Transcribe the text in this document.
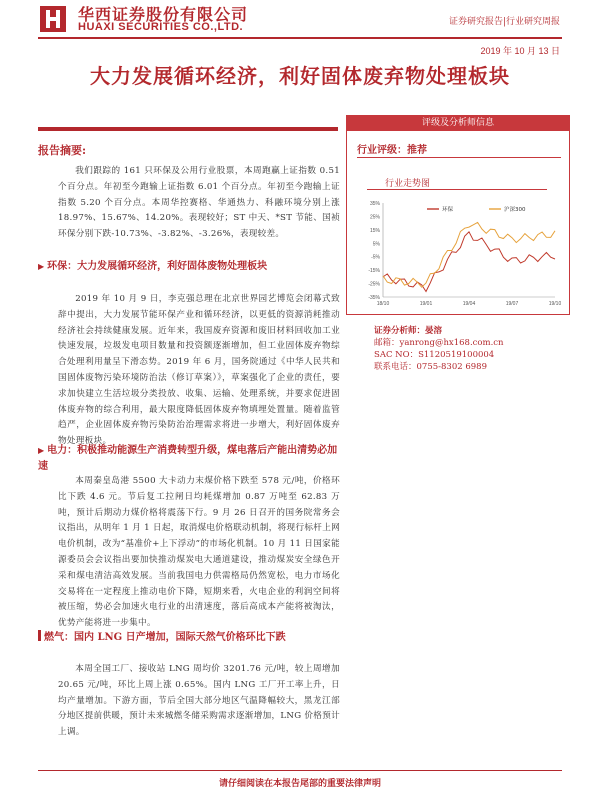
华西证券股份有限公司
HUAXI SECURITIES CO.,LTD.	证券研究报告|行业研究周报
2019 年 10 月 13 日
大力发展循环经济，利好固体废弃物处理板块
评级及分析师信息
行业评级：推荐
行业走势图
35%
25%
15%
5%
-5%
-15%
-25%
-35%
18/10	19/01	19/04	19/07	19/10
环保	沪深300
证券分析师：晏溶
邮箱：yanrong@hx168.com.cn
SAC NO：S1120519100004
联系电话：0755-8302 6989
报告摘要:
我们跟踪的 161 只环保及公用行业股票，本周跑赢上证指数 0.51 个百分点。年初至今跑输上证指数 6.01 个百分点。年初至今跑输上证指数 5.20 个百分点。本周华控赛格、华通热力、科融环境分别上涨 18.97%、15.67%、14.20%。表现较好；ST 中天、*ST 节能、国祯环保分别下跌-10.73%、-3.82%、-3.26%，表现较差。
▶ 环保：大力发展循环经济，利好固体废物处理板块
2019 年 10 月 9 日，李克强总理在北京世界园艺博览会闭幕式致辞中提出，大力发展节能环保产业和循环经济，以更低的资源消耗推动经济社会持续健康发展。近年来，我国废弃资源和废旧材料回收加工业快速发展，垃圾发电项目数量和投资额逐渐增加，但工业固体废弃物综合处理利用量呈下滑态势。2019 年 6 月，国务院通过《中华人民共和国固体废物污染环境防治法（修订草案）》，草案强化了企业的责任，要求加快建立生活垃圾分类投放、收集、运输、处理系统，并要求促进固体废弃物的综合利用，最大限度降低固体废弃物填埋处置量。随着监管趋严，企业固体废弃物污染防治治理需求将进一步增大，利好固体废弃物处理板块。
▶ 电力：积极推动能源生产消费转型升级，煤电落后产能出清势必加速
本周秦皇岛港 5500 大卡动力末煤价格下跌至 578 元/吨，价格环比下跌 4.6 元。节后复工拉闸日均耗煤增加 0.87 万吨至 62.83 万吨，预计后期动力煤价格将震荡下行。9 月 26 日召开的国务院常务会议指出，从明年 1 月 1 日起，取消煤电价格联动机制，将现行标杆上网电价机制，改为“基准价+上下浮动”的市场化机制。10 月 11 日国家能源委员会会议指出要加快推动煤炭电大通道建设，推动煤炭安全绿色开采和煤电清洁高效发展。当前我国电力供需格局仍然宽松，电力市场化交易将在一定程度上推动电价下降，短期来看，火电企业的利润空间将被压缩，势必会加速火电行业的出清速度，落后高成本产能将被淘汰，优势产能将进一步集中。
燃气：国内 LNG 日产增加，国际天然气价格环比下跌
本周全国工厂、接收站 LNG 周均价 3201.76 元/吨，较上周增加 20.65 元/吨，环比上周上涨 0.65%。国内 LNG 工厂开工率上升，日均产量增加。下游方面，节后全国大部分地区气温降幅较大，黑龙江部分地区提前供暖，预计未来城燃冬储采购需求逐渐增加，LNG 价格预计上调。
请仔细阅读在本报告尾部的重要法律声明
